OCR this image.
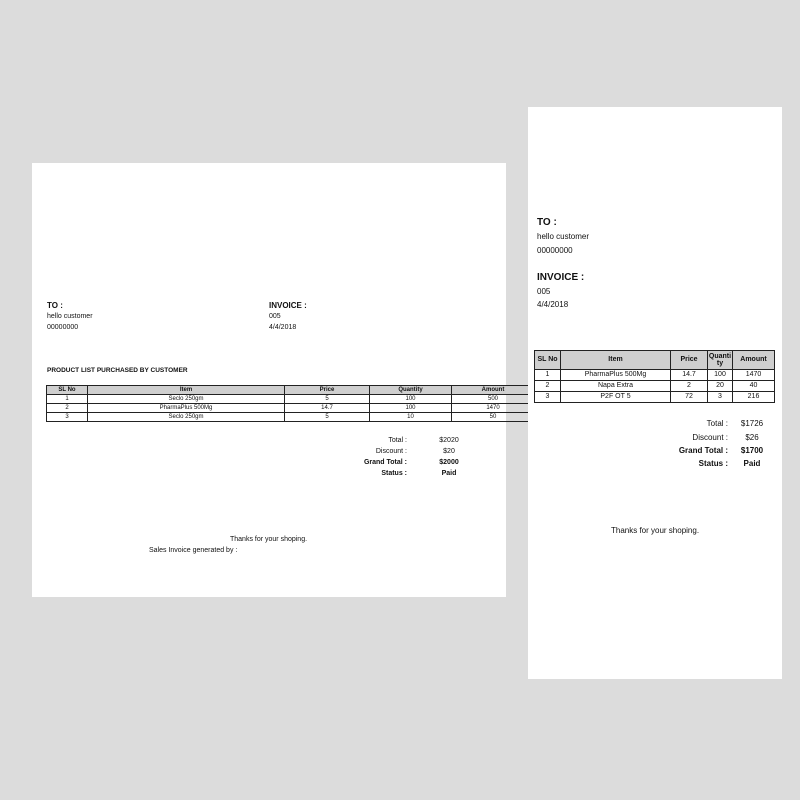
TO :
hello customer
00000000
INVOICE :
005
4/4/2018
PRODUCT LIST PURCHASED BY CUSTOMER
SL No	Item	Price	Quantity	Amount
1	Seclo 250gm	5	100	500
2	PharmaPlus 500Mg	14.7	100	1470
3	Seclo 250gm	5	10	50
Total :	$2020
Discount :	$20
Grand Total :	$2000
Status :	Paid
Thanks for your shoping.
Sales Invoice generated by :
TO :
hello customer
00000000
INVOICE :
005
4/4/2018
SL No	Item	Price	Quantity	Amount
1	PharmaPlus 500Mg	14.7	100	1470
2	Napa Extra	2	20	40
3	P2F OT 5	72	3	216
Total :	$1726
Discount :	$26
Grand Total :	$1700
Status :	Paid
Thanks for your shoping.
